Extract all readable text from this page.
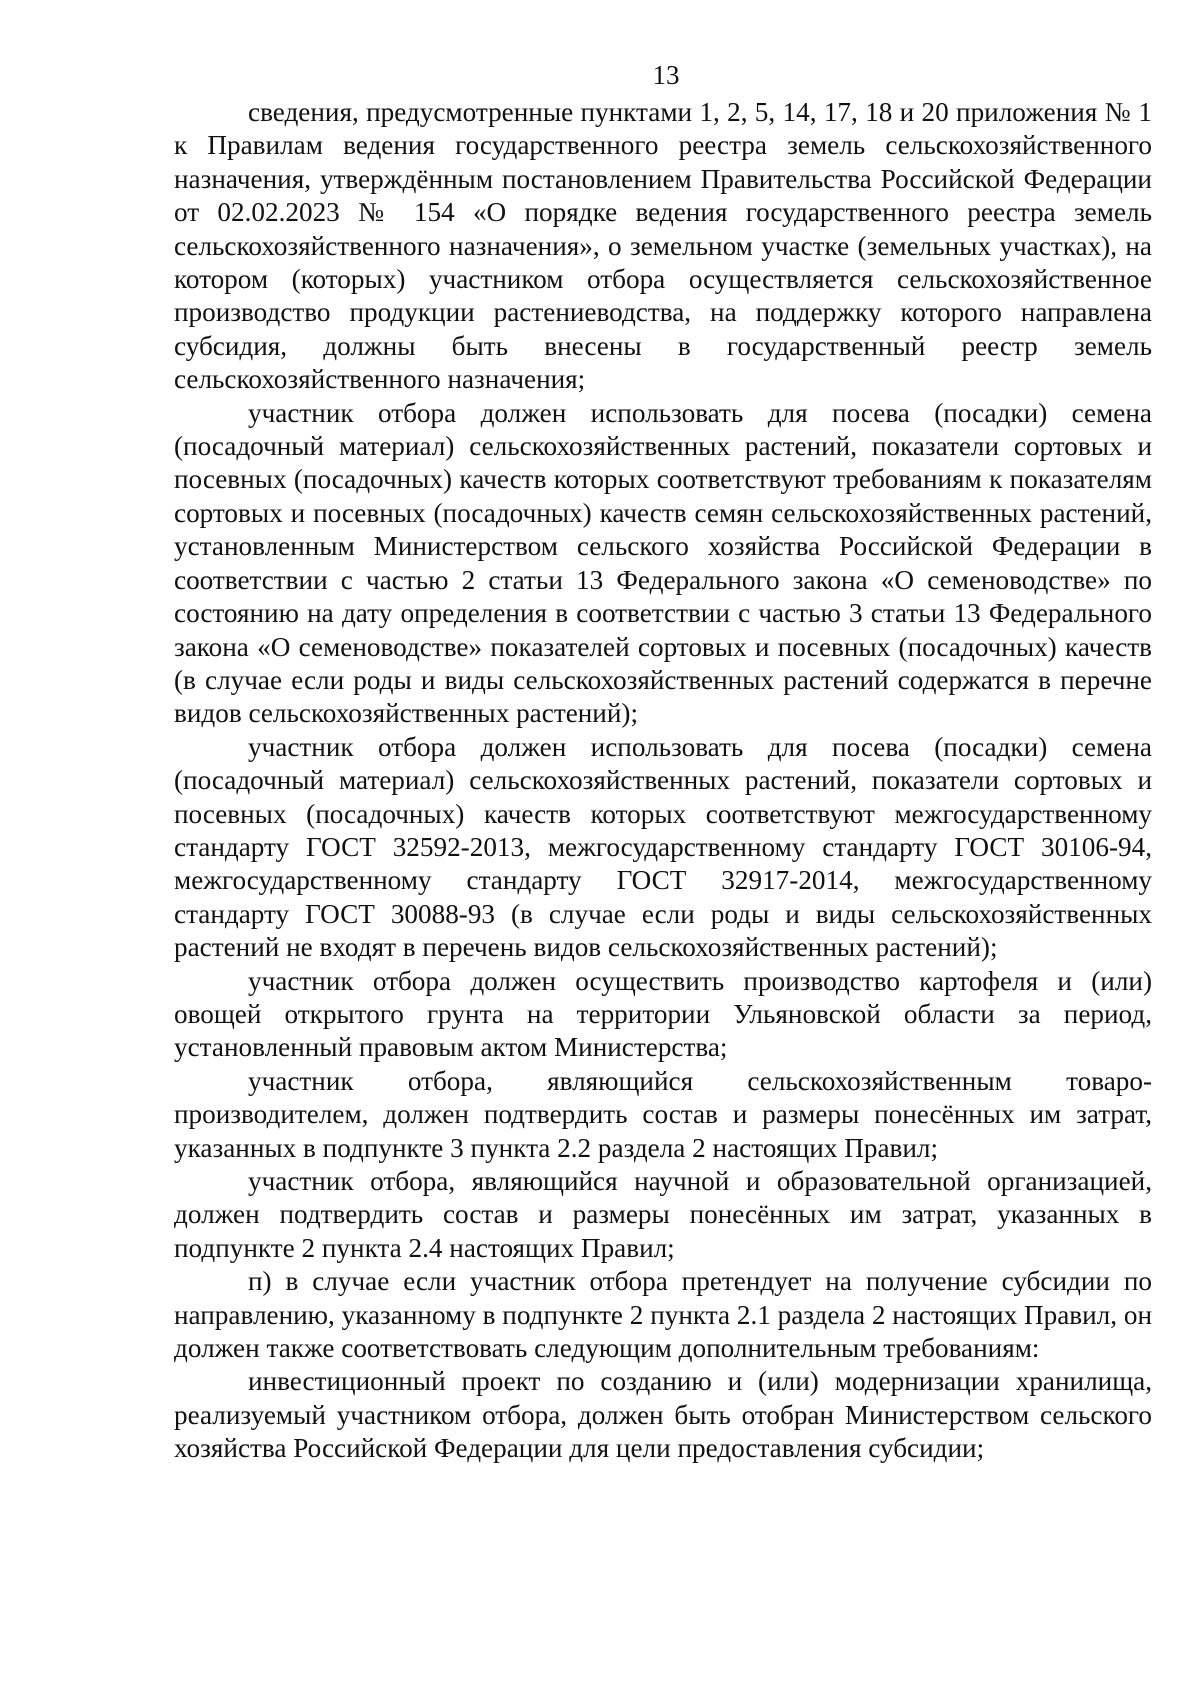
13

сведения, предусмотренные пунктами 1, 2, 5, 14, 17, 18 и 20 приложения № 1 к Правилам ведения государственного реестра земель сельскохозяйственного назначения, утверждённым постановлением Правительства Российской Федерации от 02.02.2023 № 154 «О порядке ведения государственного реестра земель сельскохозяйственного назначения», о земельном участке (земельных участках), на котором (которых) участником отбора осуществляется сельскохозяйственное производство продукции растениеводства, на поддержку которого направлена субсидия, должны быть внесены в государственный реестр земель сельскохозяйственного назначения;

участник отбора должен использовать для посева (посадки) семена (посадочный материал) сельскохозяйственных растений, показатели сортовых и посевных (посадочных) качеств которых соответствуют требованиям к показателям сортовых и посевных (посадочных) качеств семян сельскохозяйственных растений, установленным Министерством сельского хозяйства Российской Федерации в соответствии с частью 2 статьи 13 Федерального закона «О семеноводстве» по состоянию на дату определения в соответствии с частью 3 статьи 13 Федерального закона «О семеноводстве» показателей сортовых и посевных (посадочных) качеств (в случае если роды и виды сельскохозяйственных растений содержатся в перечне видов сельскохозяйственных растений);

участник отбора должен использовать для посева (посадки) семена (посадочный материал) сельскохозяйственных растений, показатели сортовых и посевных (посадочных) качеств которых соответствуют межгосударственному стандарту ГОСТ 32592-2013, межгосударственному стандарту ГОСТ 30106-94, межгосударственному стандарту ГОСТ 32917-2014, межгосударственному стандарту ГОСТ 30088-93 (в случае если роды и виды сельскохозяйственных растений не входят в перечень видов сельскохозяйственных растений);

участник отбора должен осуществить производство картофеля и (или) овощей открытого грунта на территории Ульяновской области за период, установленный правовым актом Министерства;

участник отбора, являющийся сельскохозяйственным товаро-производителем, должен подтвердить состав и размеры понесённых им затрат, указанных в подпункте 3 пункта 2.2 раздела 2 настоящих Правил;

участник отбора, являющийся научной и образовательной организацией, должен подтвердить состав и размеры понесённых им затрат, указанных в подпункте 2 пункта 2.4 настоящих Правил;

п) в случае если участник отбора претендует на получение субсидии по направлению, указанному в подпункте 2 пункта 2.1 раздела 2 настоящих Правил, он должен также соответствовать следующим дополнительным требованиям:

инвестиционный проект по созданию и (или) модернизации хранилища, реализуемый участником отбора, должен быть отобран Министерством сельского хозяйства Российской Федерации для цели предоставления субсидии;
